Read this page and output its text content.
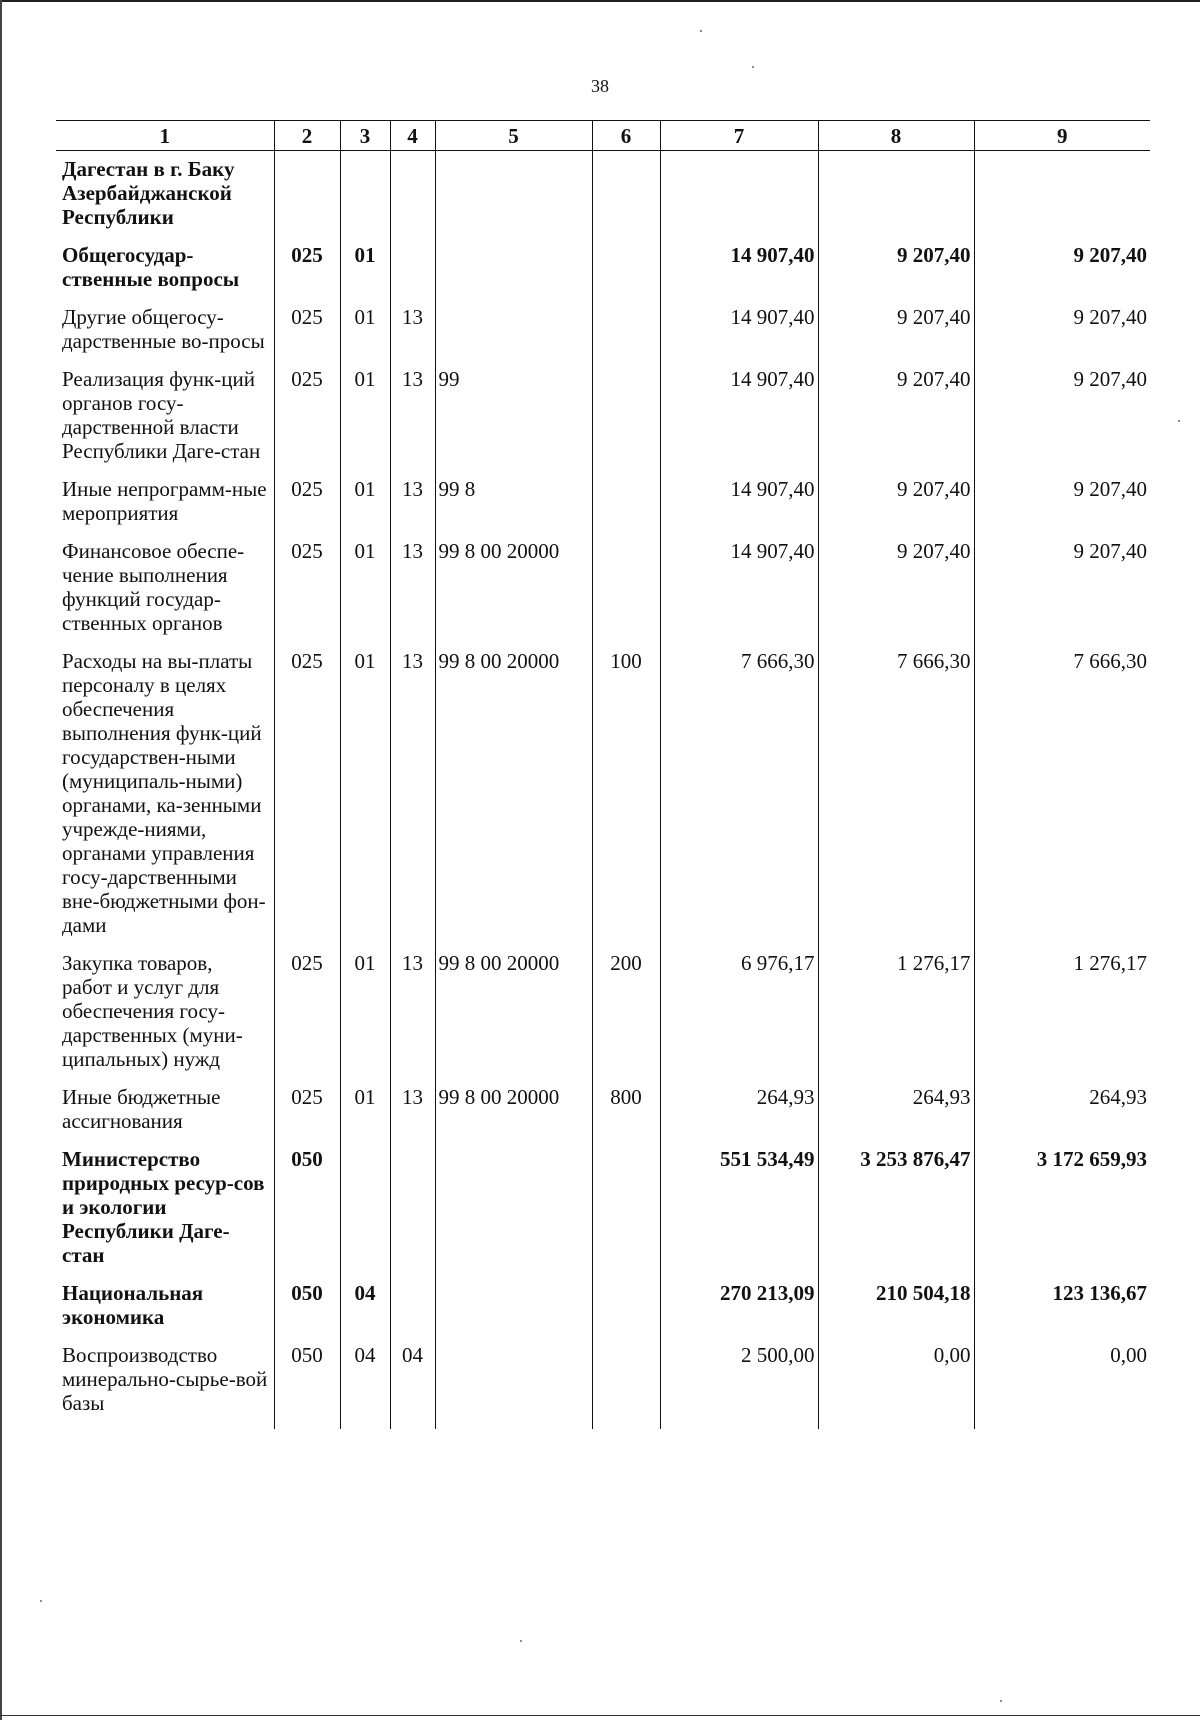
38
1	2	3	4	5	6	7	8	9
Дагестан в г. Баку Азербайджанской Республики								
Общегосудар-ственные вопросы	025	01				14 907,40	9 207,40	9 207,40
Другие общегосу-дарственные во-просы	025	01	13			14 907,40	9 207,40	9 207,40
Реализация функ-ций органов госу-дарственной власти Республики Даге-стан	025	01	13	99		14 907,40	9 207,40	9 207,40
Иные непрограмм-ные мероприятия	025	01	13	99 8		14 907,40	9 207,40	9 207,40
Финансовое обеспе-чение выполнения функций государ-ственных органов	025	01	13	99 8 00 20000		14 907,40	9 207,40	9 207,40
Расходы на вы-платы персоналу в целях обеспечения выполнения функ-ций государствен-ными (муниципаль-ными) органами, ка-зенными учрежде-ниями, органами управления госу-дарственными вне-бюджетными фон-дами	025	01	13	99 8 00 20000	100	7 666,30	7 666,30	7 666,30
Закупка товаров, работ и услуг для обеспечения госу-дарственных (муни-ципальных) нужд	025	01	13	99 8 00 20000	200	6 976,17	1 276,17	1 276,17
Иные бюджетные ассигнования	025	01	13	99 8 00 20000	800	264,93	264,93	264,93
Министерство природных ресур-сов и экологии Республики Даге-стан	050					551 534,49	3 253 876,47	3 172 659,93
Национальная экономика	050	04				270 213,09	210 504,18	123 136,67
Воспроизводство минерально-сырье-вой базы	050	04	04			2 500,00	0,00	0,00
